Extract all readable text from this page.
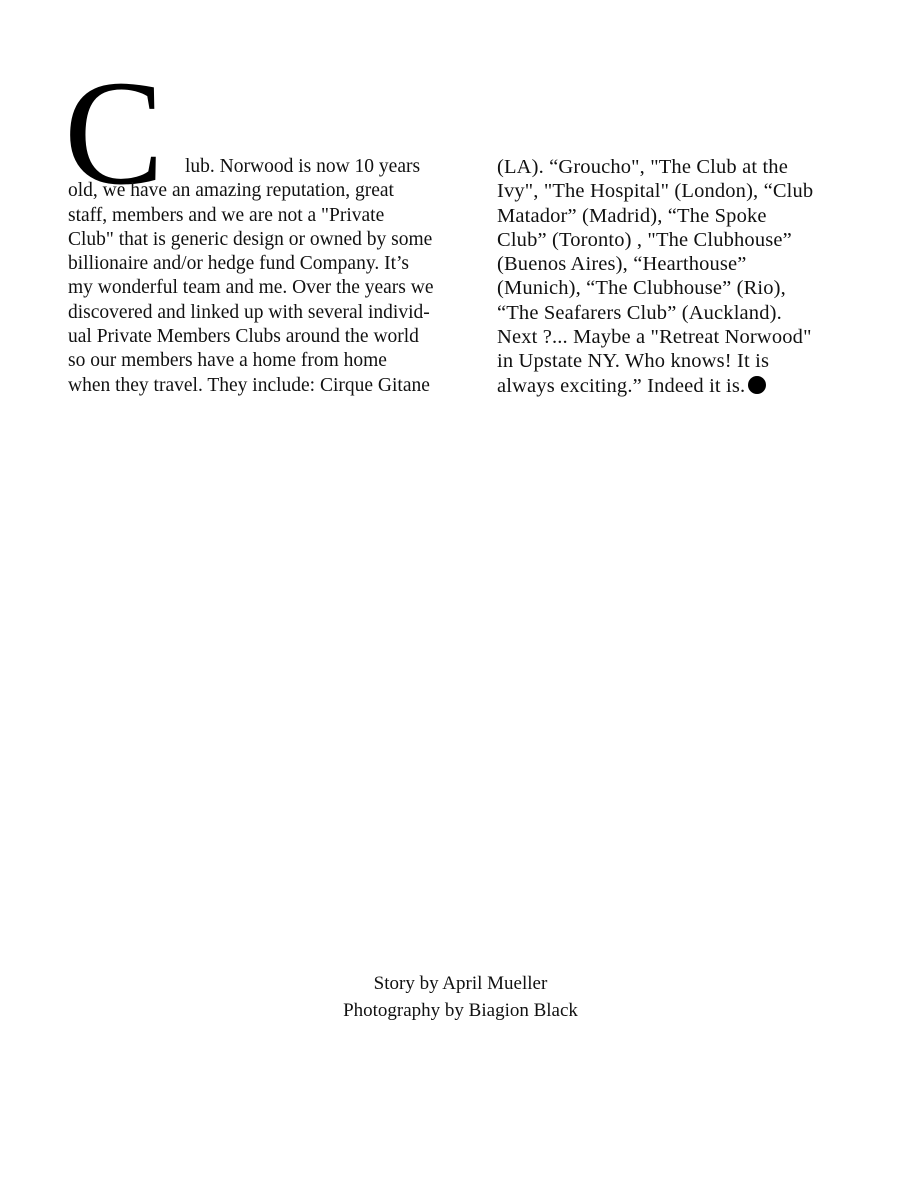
C	lub. Norwood is now 10 years
old, we have an amazing reputation, great
staff, members and we are not a "Private
Club" that is generic design or owned by some
billionaire and/or hedge fund Company. It’s
my wonderful team and me. Over the years we
discovered and linked up with several individ-
ual Private Members Clubs around the world
so our members have a home from home
when they travel. They include: Cirque Gitane
(LA). “Groucho", "The Club at the
Ivy", "The Hospital" (London), “Club
Matador” (Madrid), “The Spoke
Club” (Toronto) , "The Clubhouse”
(Buenos Aires), “Hearthouse”
(Munich), “The Clubhouse” (Rio),
“The Seafarers Club” (Auckland).
Next ?... Maybe a "Retreat Norwood"
in Upstate NY. Who knows! It is
always exciting.” Indeed it is.
Story by April Mueller
Photography by Biagion Black
